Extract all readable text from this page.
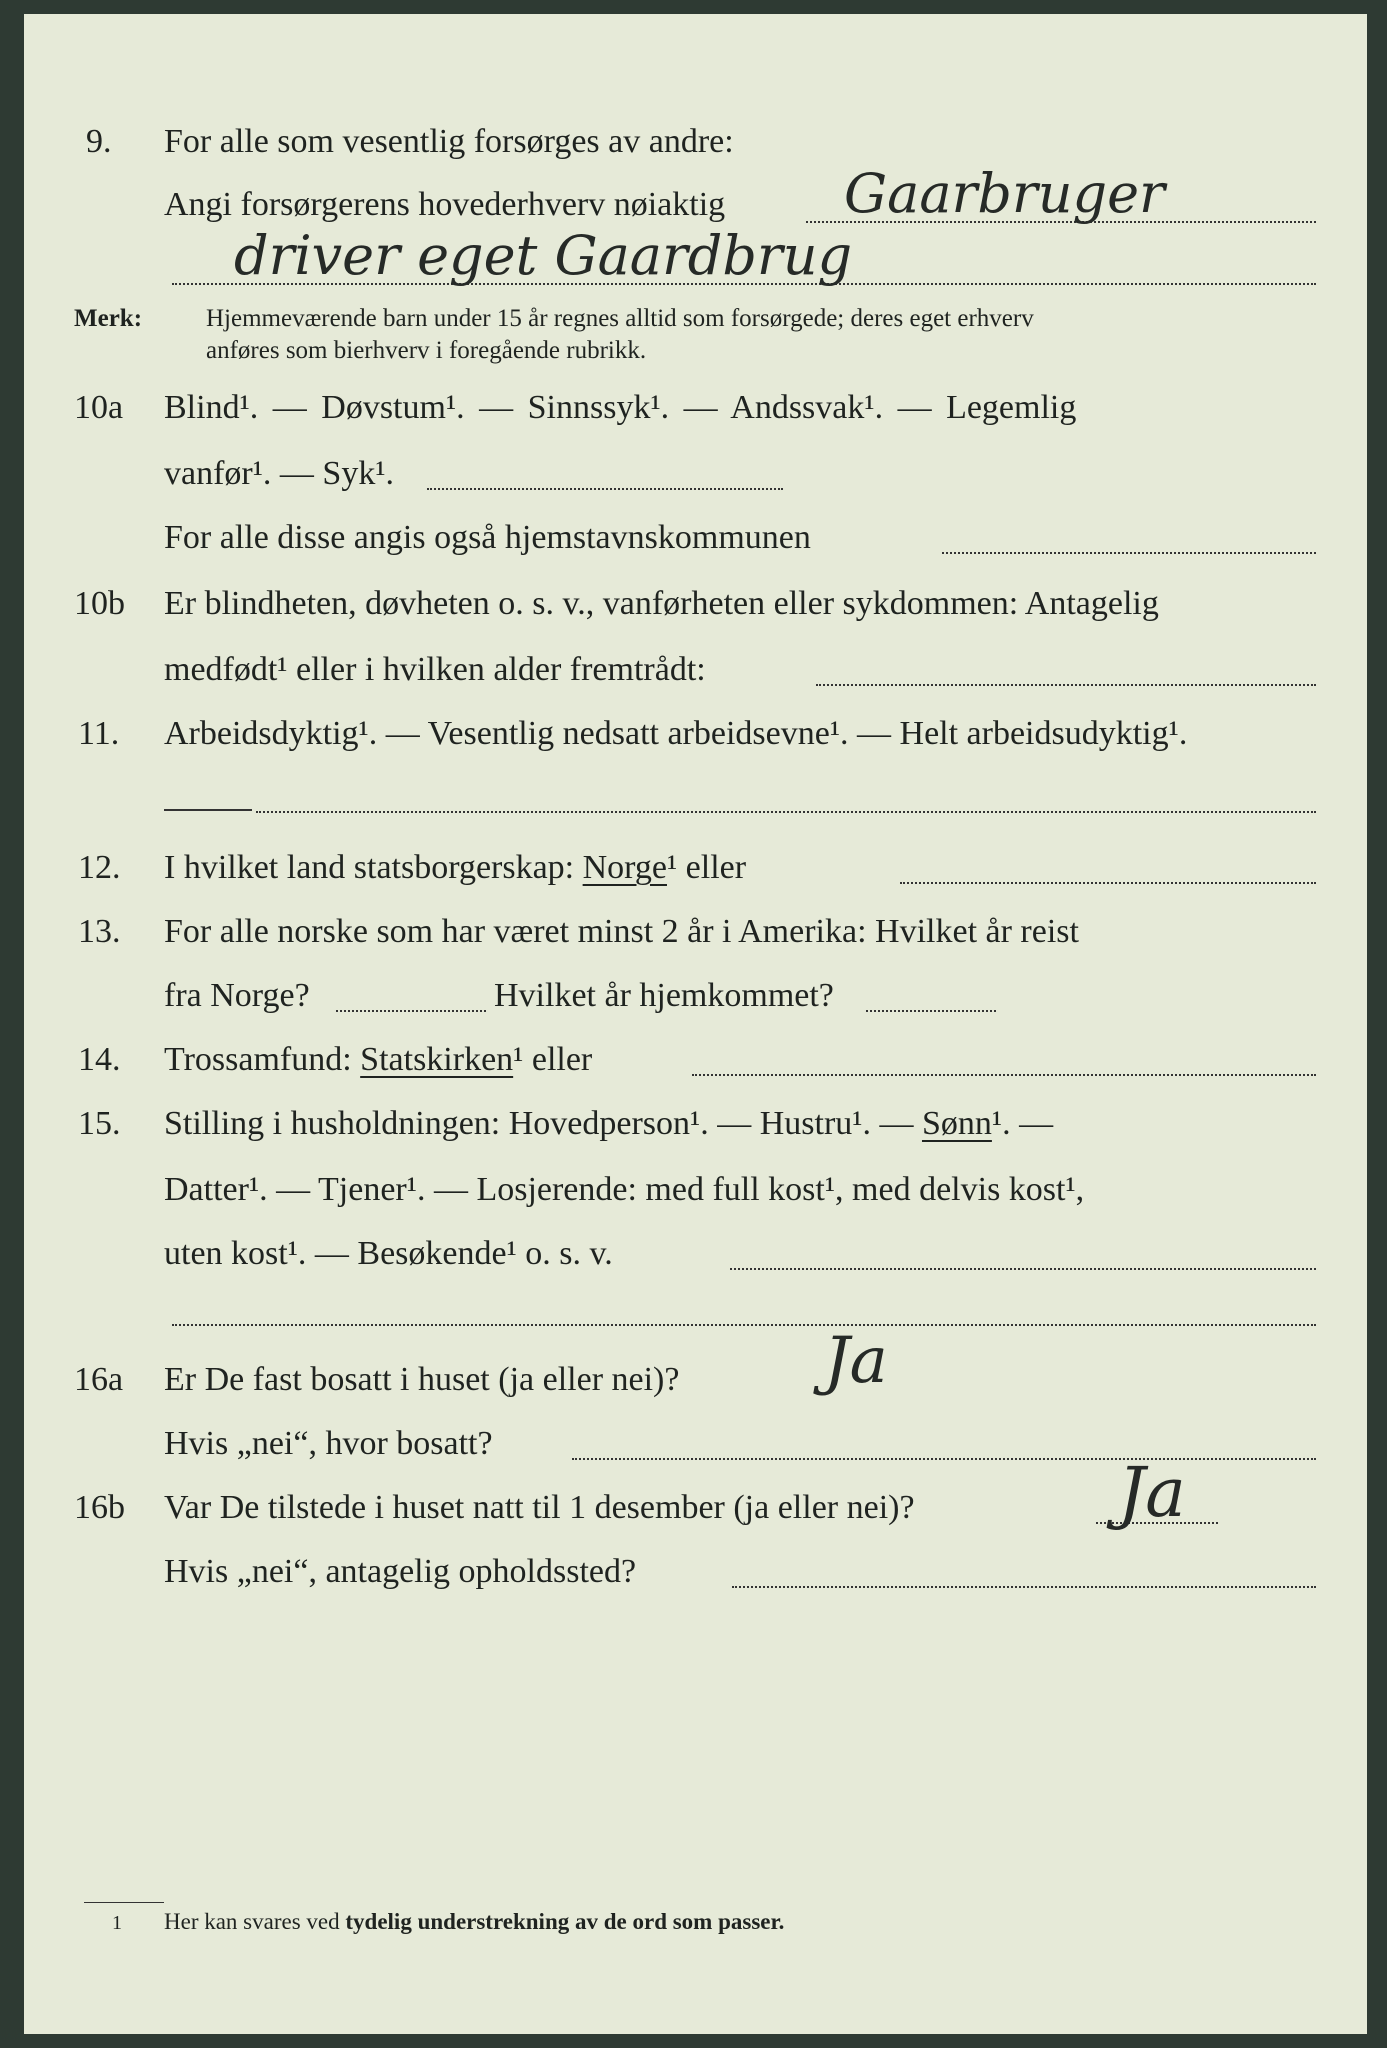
9. For alle som vesentlig forsørges av andre:
Angi forsørgerens hovederhverv nøiaktig Gaarbruger
driver eget Gaardbrug
Merk:	Hjemmeværende barn under 15 år regnes alltid som forsørgede; deres eget erhverv
anføres som bierhverv i foregående rubrikk.
10a Blind¹. — Døvstum¹. — Sinnssyk¹. — Andssvak¹. — Legemlig
vanfør¹. — Syk¹.
For alle disse angis også hjemstavnskommunen
10b Er blindheten, døvheten o. s. v., vanførheten eller sykdommen: Antagelig
medfødt¹ eller i hvilken alder fremtrådt:
11. Arbeidsdyktig¹. — Vesentlig nedsatt arbeidsevne¹. — Helt arbeidsudyktig¹.
12. I hvilket land statsborgerskap: Norge¹ eller
13. For alle norske som har været minst 2 år i Amerika: Hvilket år reist
fra Norge?	Hvilket år hjemkommet?
14. Trossamfund: Statskirken¹ eller
15. Stilling i husholdningen: Hovedperson¹. — Hustru¹. — Sønn¹. —
Datter¹. — Tjener¹. — Losjerende: med full kost¹, med delvis kost¹,
uten kost¹. — Besøkende¹ o. s. v.
16a Er De fast bosatt i huset (ja eller nei)? Ja
Hvis „nei“, hvor bosatt?
16b Var De tilstede i huset natt til 1 desember (ja eller nei)?	Ja
Hvis „nei“, antagelig opholdssted?
1 Her kan svares ved tydelig understrekning av de ord som passer.
